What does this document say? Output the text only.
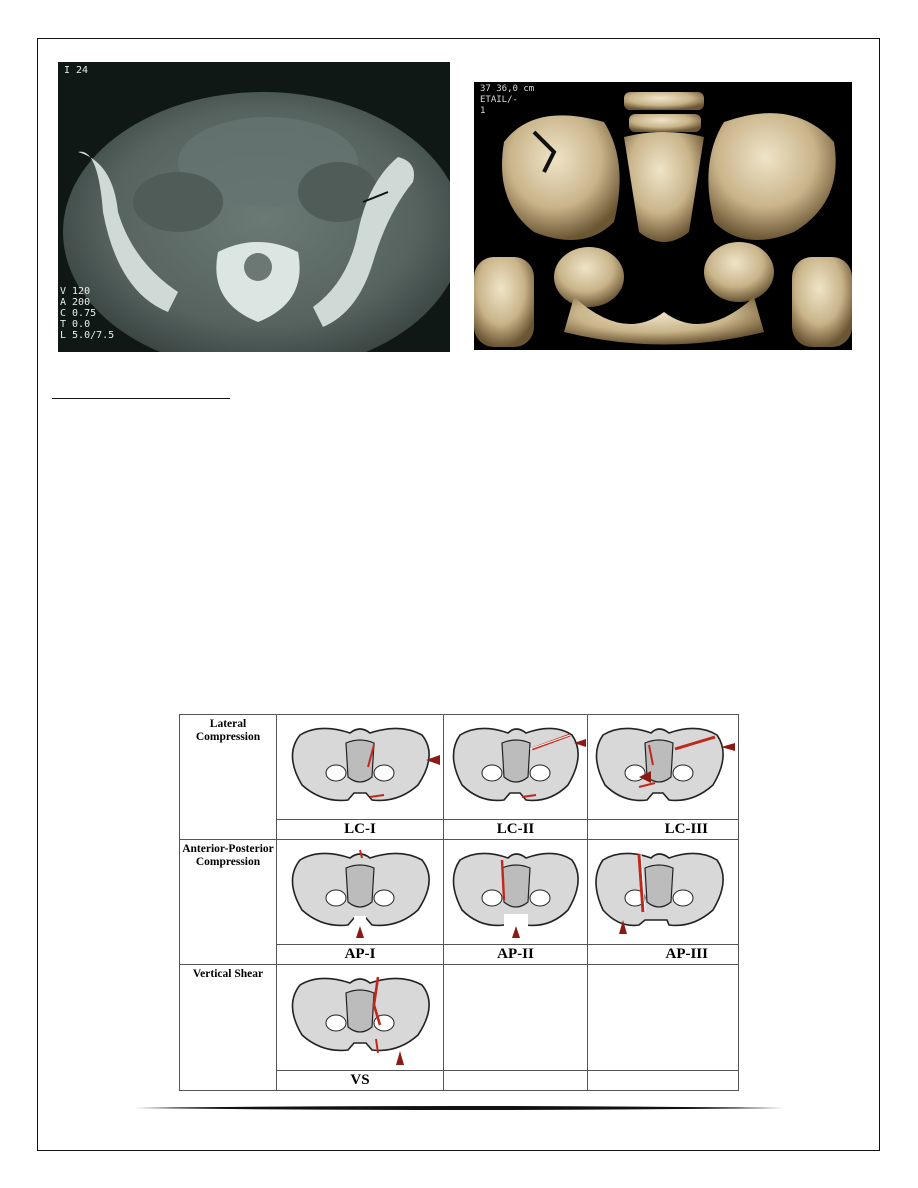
I 24
V 120
A 200
C 0.75
T 0.0
L 5.0/7.5
37 36,0 cm
ETAIL/-
1
Lateral Compression	

	LC-I	LC-II	LC-III
Anterior-Posterior Compression	

	AP-I	AP-II	AP-III
Vertical Shear	

	VS		
